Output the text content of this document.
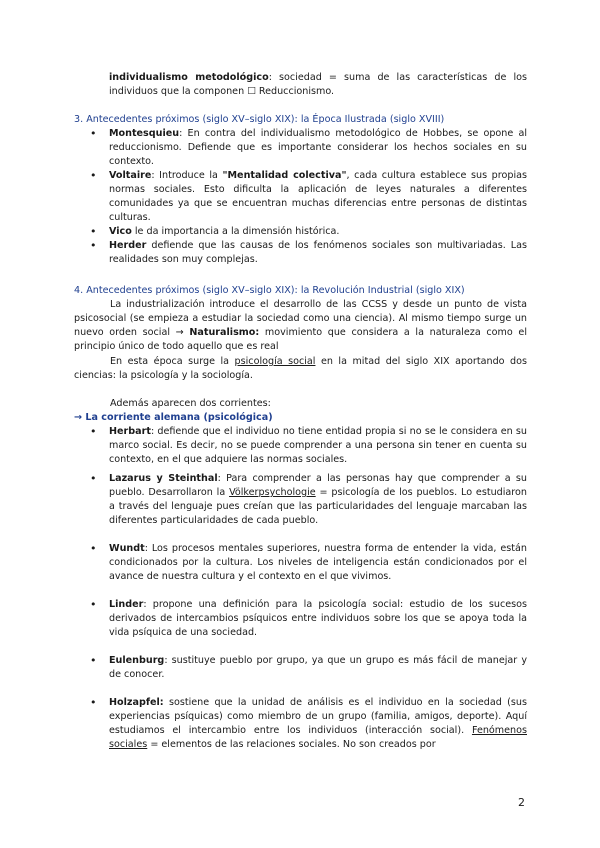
individualismo metodológico: sociedad = suma de las características de los individuos que la componen ☐ Reduccionismo.

3. Antecedentes próximos (siglo XV–siglo XIX): la Época Ilustrada (siglo XVIII)
• Montesquieu: En contra del individualismo metodológico de Hobbes, se opone al reduccionismo. Defiende que es importante considerar los hechos sociales en su contexto.
• Voltaire: Introduce la "Mentalidad colectiva", cada cultura establece sus propias normas sociales. Esto dificulta la aplicación de leyes naturales a diferentes comunidades ya que se encuentran muchas diferencias entre personas de distintas culturas.
• Vico le da importancia a la dimensión histórica.
• Herder defiende que las causas de los fenómenos sociales son multivariadas. Las realidades son muy complejas.
4. Antecedentes próximos (siglo XV–siglo XIX): la Revolución Industrial (siglo XIX)

La industrialización introduce el desarrollo de las CCSS y desde un punto de vista psicosocial (se empieza a estudiar la sociedad como una ciencia). Al mismo tiempo surge un nuevo orden social → Naturalismo: movimiento que considera a la naturaleza como el principio único de todo aquello que es real

En esta época surge la psicología social en la mitad del siglo XIX aportando dos ciencias: la psicología y la sociología.

Además aparecen dos corrientes:

→ La corriente alemana (psicológica)
• Herbart: defiende que el individuo no tiene entidad propia si no se le considera en su marco social. Es decir, no se puede comprender a una persona sin tener en cuenta su contexto, en el que adquiere las normas sociales.
• Lazarus y Steinthal: Para comprender a las personas hay que comprender a su pueblo. Desarrollaron la Völkerpsychologie = psicología de los pueblos. Lo estudiaron a través del lenguaje pues creían que las particularidades del lenguaje marcaban las diferentes particularidades de cada pueblo.
• Wundt: Los procesos mentales superiores, nuestra forma de entender la vida, están condicionados por la cultura. Los niveles de inteligencia están condicionados por el avance de nuestra cultura y el contexto en el que vivimos.
• Linder: propone una definición para la psicología social: estudio de los sucesos derivados de intercambios psíquicos entre individuos sobre los que se apoya toda la vida psíquica de una sociedad.
• Eulenburg: sustituye pueblo por grupo, ya que un grupo es más fácil de manejar y de conocer.
• Holzapfel: sostiene que la unidad de análisis es el individuo en la sociedad (sus experiencias psíquicas) como miembro de un grupo (familia, amigos, deporte). Aquí estudiamos el intercambio entre los individuos (interacción social). Fenómenos sociales = elementos de las relaciones sociales. No son creados por
2
